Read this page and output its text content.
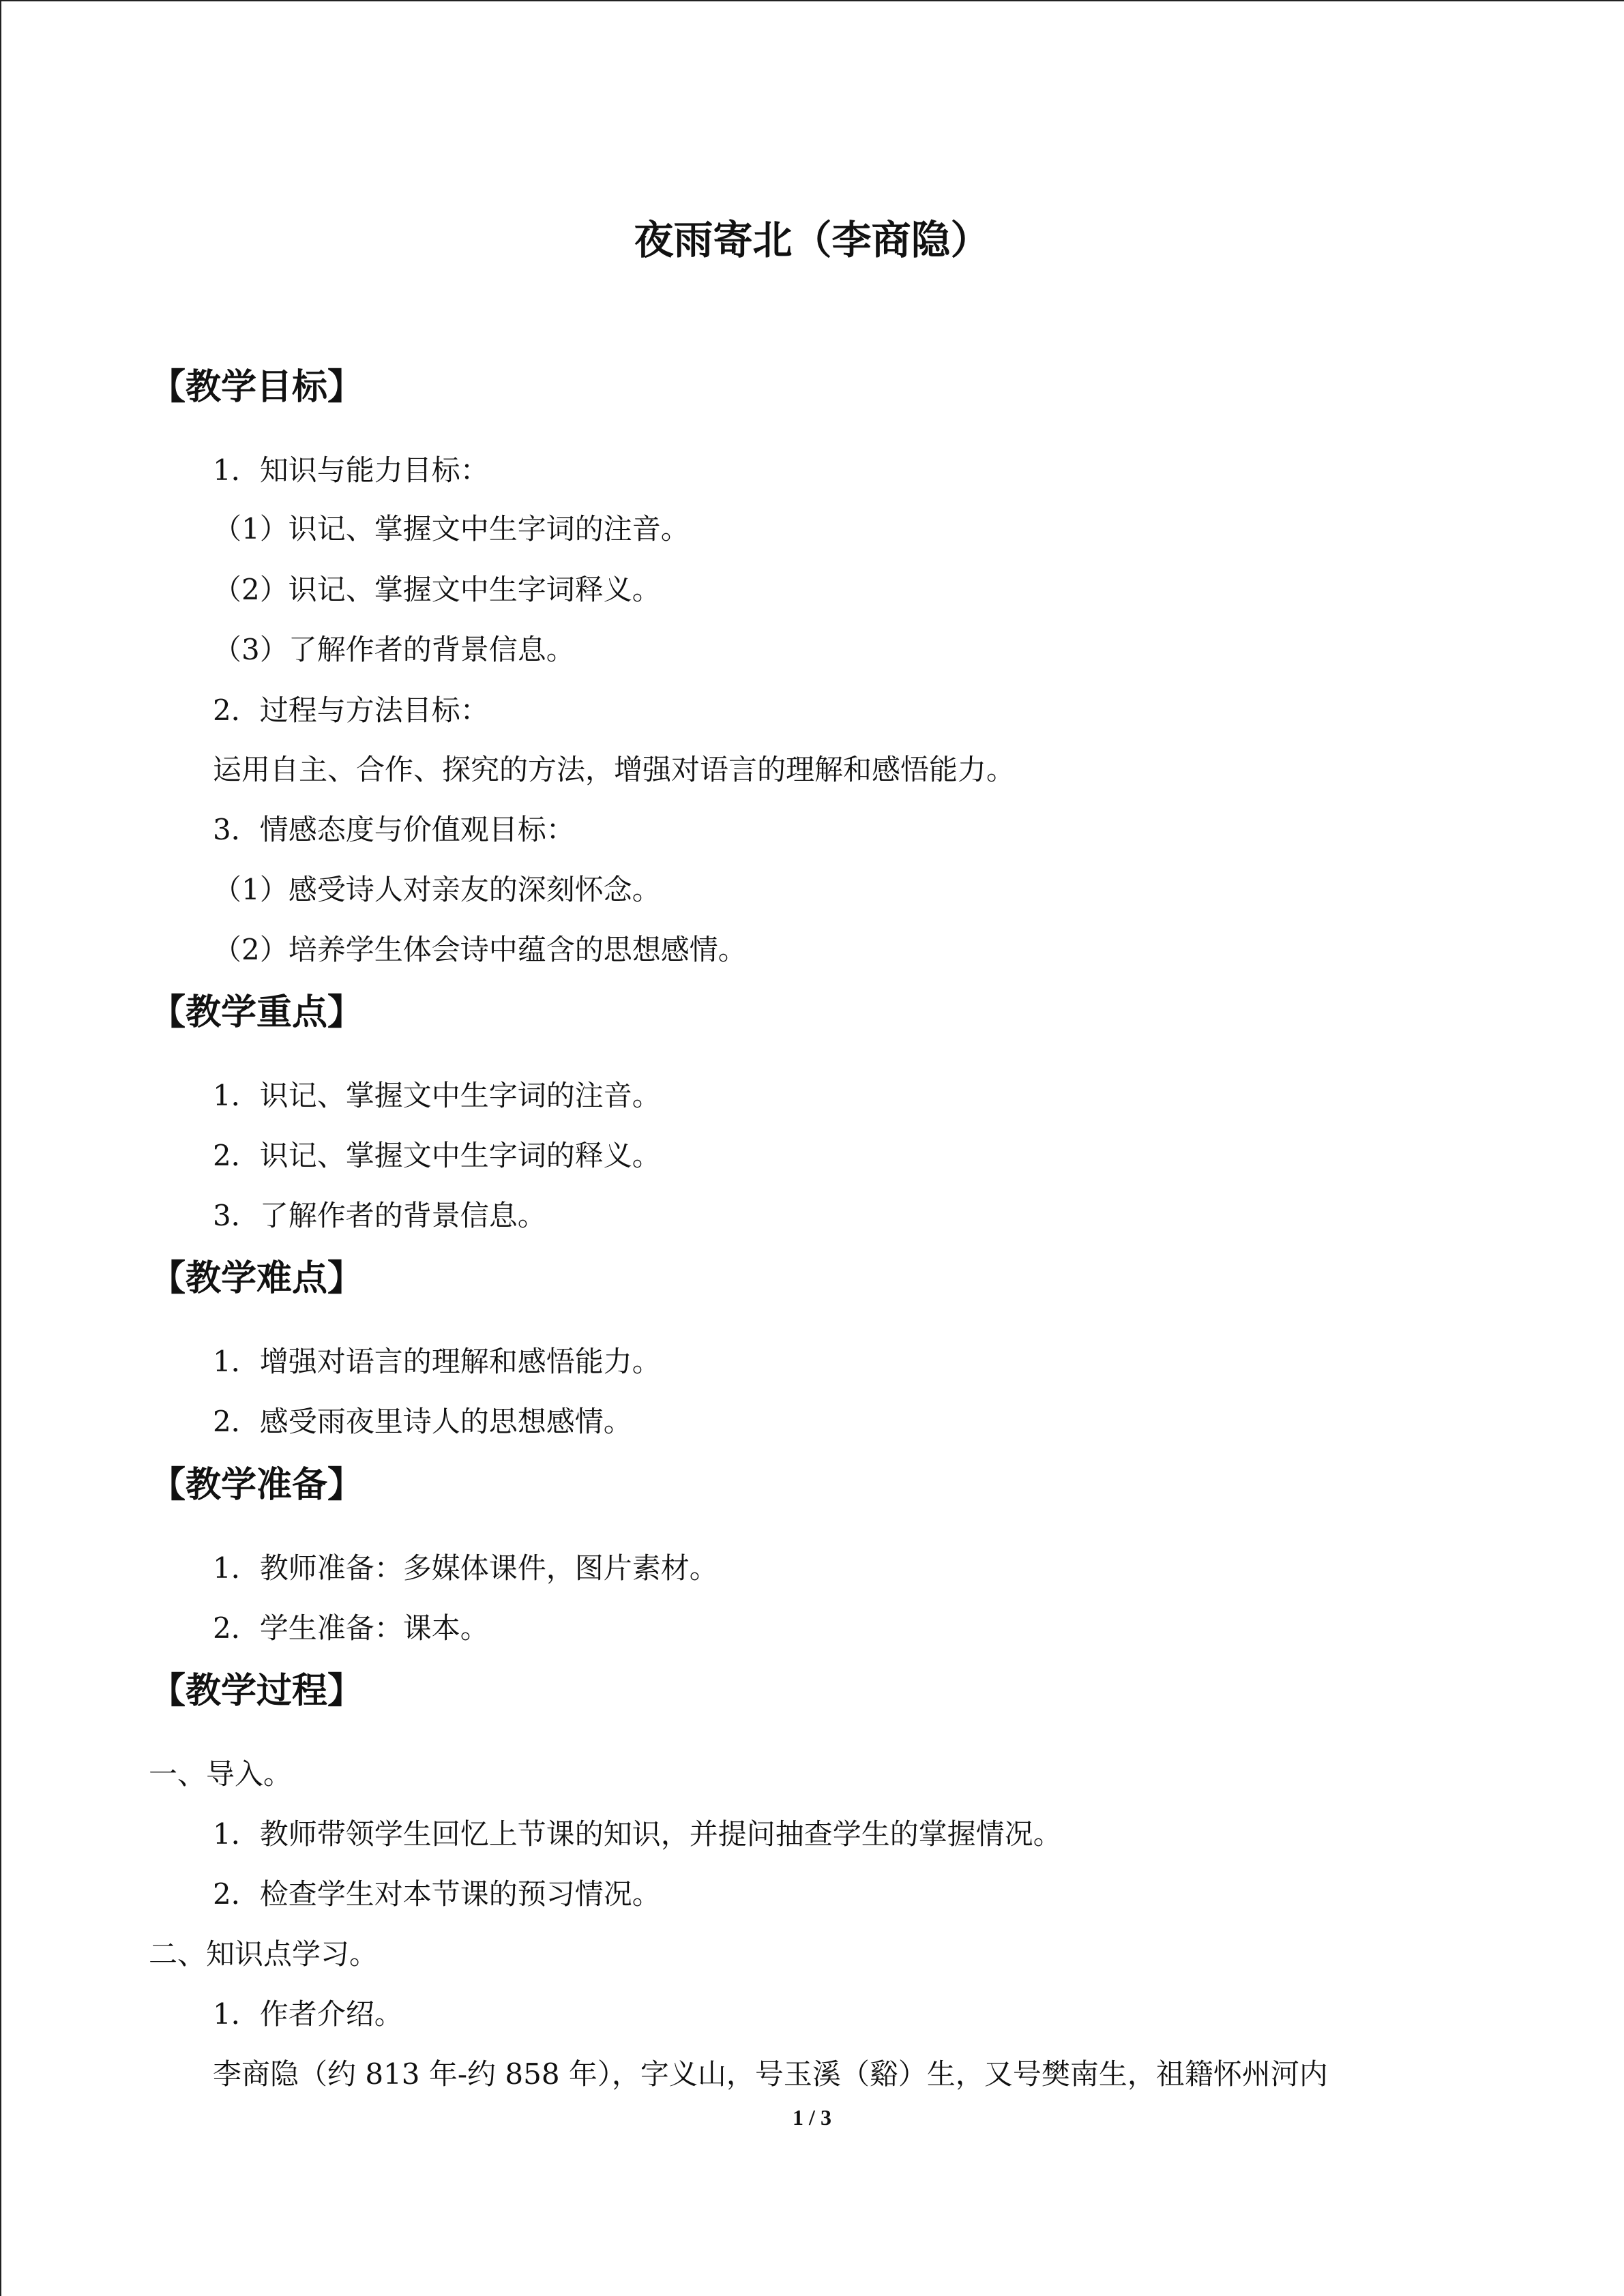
夜雨寄北（李商隐）
【教学目标】
1．知识与能力目标：
（1）识记、掌握文中生字词的注音。
（2）识记、掌握文中生字词释义。
（3）了解作者的背景信息。
2．过程与方法目标：
运用自主、合作、探究的方法，增强对语言的理解和感悟能力。
3．情感态度与价值观目标：
（1）感受诗人对亲友的深刻怀念。
（2）培养学生体会诗中蕴含的思想感情。
【教学重点】
1．识记、掌握文中生字词的注音。
2．识记、掌握文中生字词的释义。
3．了解作者的背景信息。
【教学难点】
1．增强对语言的理解和感悟能力。
2．感受雨夜里诗人的思想感情。
【教学准备】
1．教师准备：多媒体课件，图片素材。
2．学生准备：课本。
【教学过程】
一、导入。
1．教师带领学生回忆上节课的知识，并提问抽查学生的掌握情况。
2．检查学生对本节课的预习情况。
二、知识点学习。
1．作者介绍。
李商隐（约 813 年-约 858 年），字义山，号玉溪（谿）生，又号樊南生，祖籍怀州河内
1 / 3
